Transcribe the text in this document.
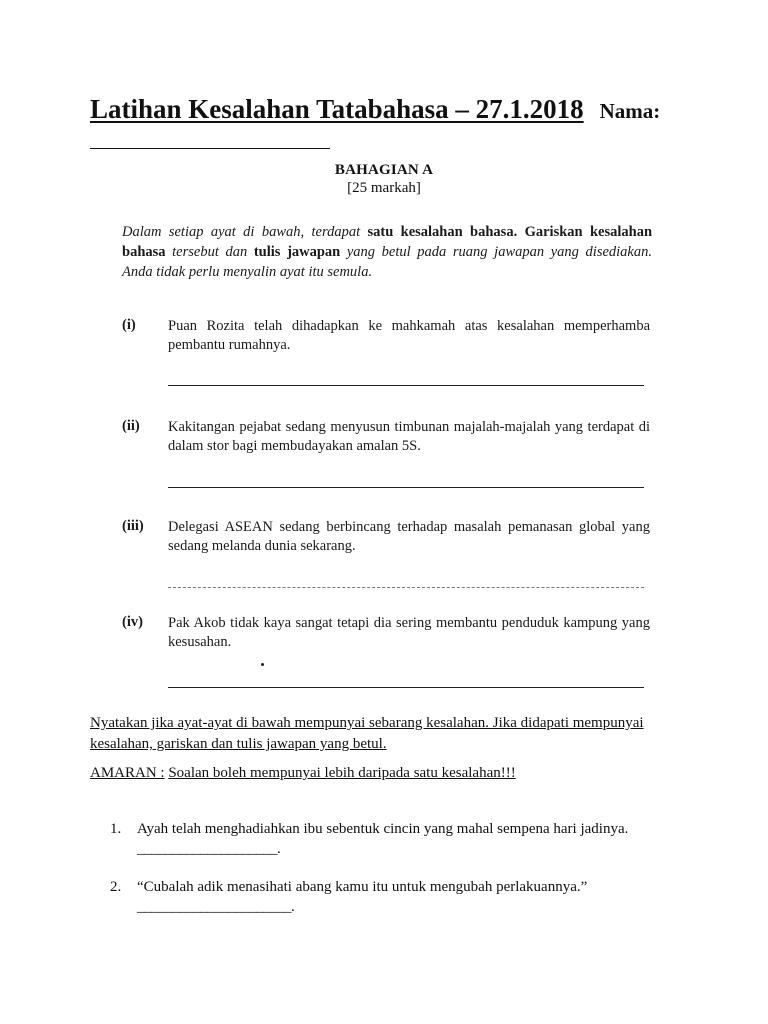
Latihan Kesalahan Tatabahasa – 27.1.2018 Nama:
BAHAGIAN A
[25 markah]
Dalam setiap ayat di bawah, terdapat satu kesalahan bahasa. Gariskan kesalahan bahasa tersebut dan tulis jawapan yang betul pada ruang jawapan yang disediakan. Anda tidak perlu menyalin ayat itu semula.
(i) Puan Rozita telah dihadapkan ke mahkamah atas kesalahan memperhamba pembantu rumahnya.
(ii) Kakitangan pejabat sedang menyusun timbunan majalah-majalah yang terdapat di dalam stor bagi membudayakan amalan 5S.
(iii) Delegasi ASEAN sedang berbincang terhadap masalah pemanasan global yang sedang melanda dunia sekarang.
(iv) Pak Akob tidak kaya sangat tetapi dia sering membantu penduduk kampung yang kesusahan.
Nyatakan jika ayat-ayat di bawah mempunyai sebarang kesalahan. Jika didapati mempunyai kesalahan, gariskan dan tulis jawapan yang betul.
AMARAN : Soalan boleh mempunyai lebih daripada satu kesalahan!!!
1. Ayah telah menghadiahkan ibu sebentuk cincin yang mahal sempena hari jadinya.
____________________.
2. “Cubalah adik menasihati abang kamu itu untuk mengubah perlakuannya.”
______________________.
